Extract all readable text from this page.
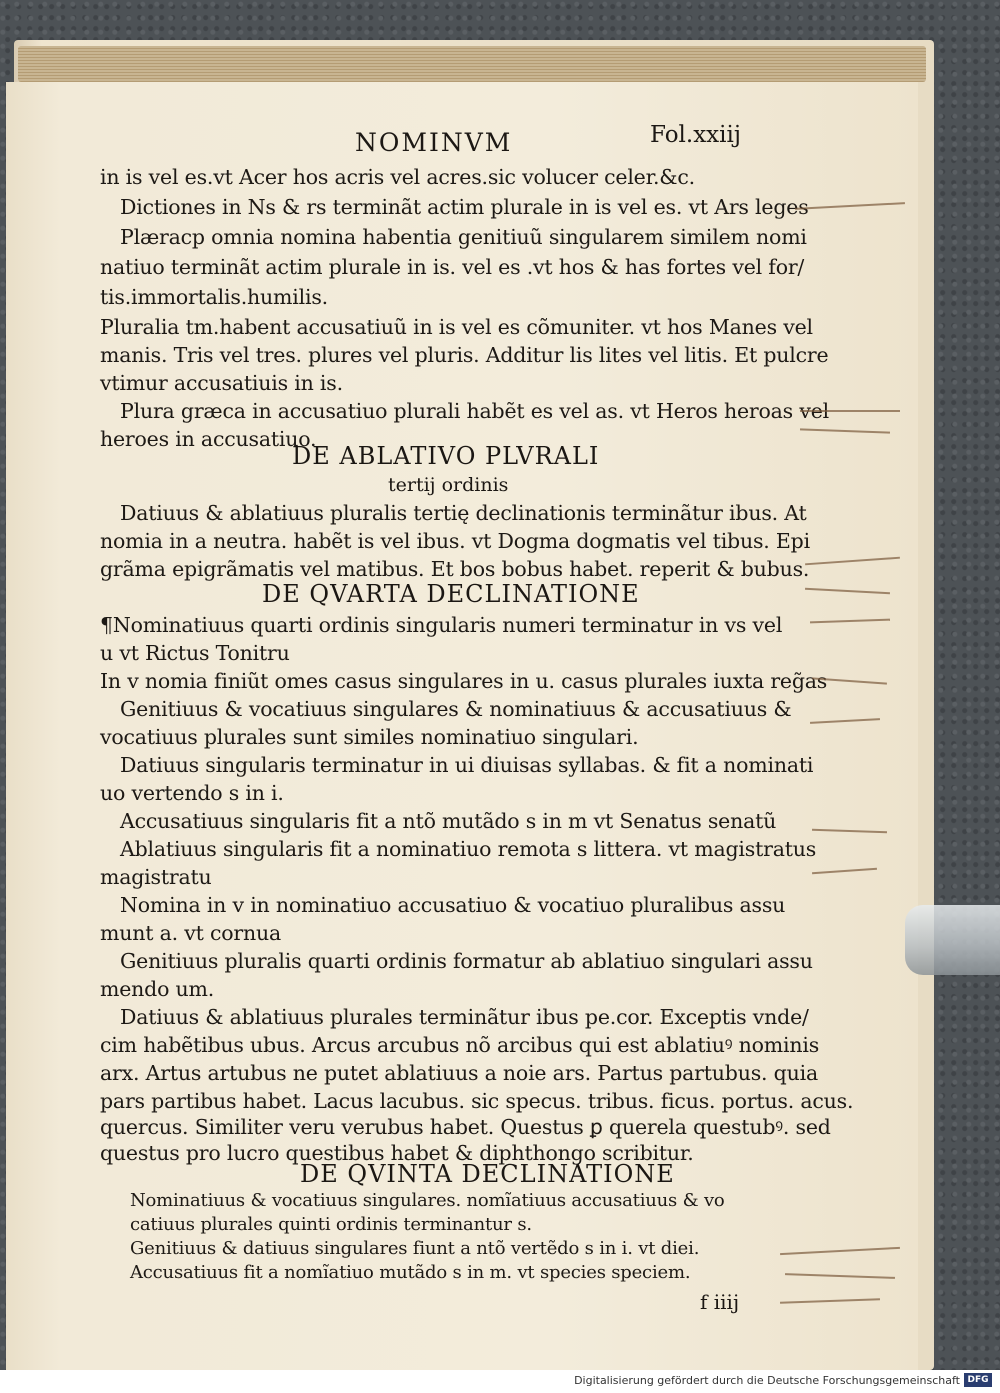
NOMINVM	Fol.xxiij
in is vel es.vt Acer hos acris vel acres.sic volucer celer.&c.
Dictiones in Ns & rs terminãt actim plurale in is vel es. vt Ars leges
Plæracp omnia nomina habentia genitiuũ singularem similem nomi
natiuo terminãt actim plurale in is. vel es .vt hos & has fortes vel for/
tis.immortalis.humilis.
Pluralia tm.habent accusatiuũ in is vel es cõmuniter. vt hos Manes vel
manis. Tris vel tres. plures vel pluris. Additur lis lites vel litis. Et pulcre
vtimur accusatiuis in is.
Plura græca in accusatiuo plurali habẽt es vel as. vt Heros heroas vel
heroes in accusatiuo.
DE ABLATIVO PLVRALI
tertij ordinis
Datiuus & ablatiuus pluralis tertię declinationis terminãtur ibus. At
nomia in a neutra. habẽt is vel ibus. vt Dogma dogmatis vel tibus. Epi
grãma epigrãmatis vel matibus. Et bos bobus habet. reperit & bubus.
DE QVARTA DECLINATIONE
¶Nominatiuus quarti ordinis singularis numeri terminatur in vs vel
u vt Rictus Tonitru
In v nomia finiũt omes casus singulares in u. casus plurales iuxta reg̃as
Genitiuus & vocatiuus singulares & nominatiuus & accusatiuus &
vocatiuus plurales sunt similes nominatiuo singulari.
Datiuus singularis terminatur in ui diuisas syllabas. & fit a nominati
uo vertendo s in i.
Accusatiuus singularis fit a ntõ mutãdo s in m vt Senatus senatũ
Ablatiuus singularis fit a nominatiuo remota s littera. vt magistratus
magistratu
Nomina in v in nominatiuo accusatiuo & vocatiuo pluralibus assu
munt a. vt cornua
Genitiuus pluralis quarti ordinis formatur ab ablatiuo singulari assu
mendo um.
Datiuus & ablatiuus plurales terminãtur ibus pe.cor. Exceptis vnde/
cim habẽtibus ubus. Arcus arcubus nõ arcibus qui est ablatiuꝰ nominis
arx. Artus artubus ne putet ablatiuus a noie ars. Partus partubus. quia
pars partibus habet. Lacus lacubus. sic specus. tribus. ficus. portus. acus.
quercus. Similiter veru verubus habet. Questus ꝑ querela questubꝰ. sed
questus pro lucro questibus habet & diphthongo scribitur.
DE QVINTA DECLINATIONE
Nominatiuus & vocatiuus singulares. nomĩatiuus accusatiuus & vo
catiuus plurales quinti ordinis terminantur s.
Genitiuus & datiuus singulares fiunt a ntõ vertẽdo s in i. vt diei.
Accusatiuus fit a nomĩatiuo mutãdo s in m. vt species speciem.
f iiij
Digitalisierung gefördert durch die Deutsche Forschungsgemeinschaft DFG
